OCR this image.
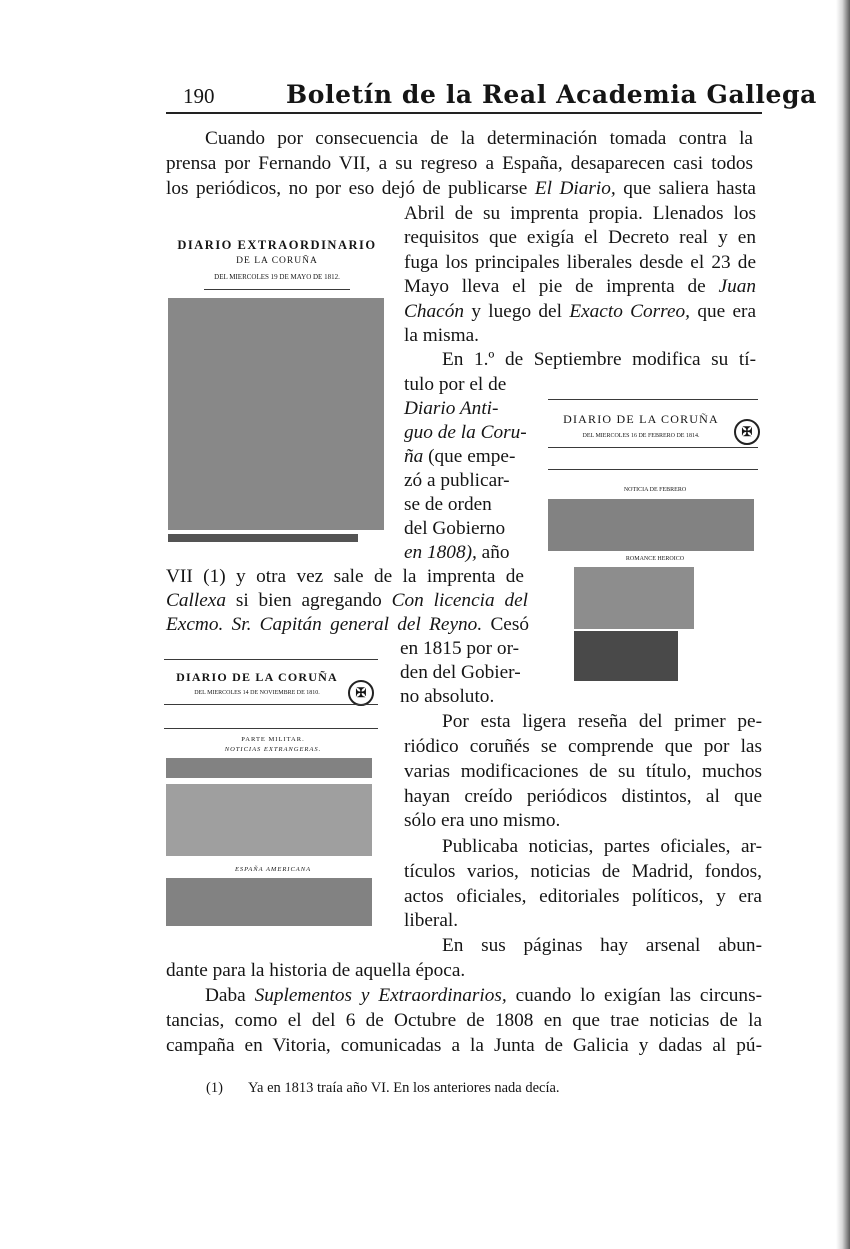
190	Boletín de la Real Academia Gallega
Cuando por consecuencia de la determinación tomada contra la
prensa por Fernando VII, a su regreso a España, desaparecen casi todos
los periódicos, no por eso dejó de publicarse El Diario, que saliera hasta
Abril de su imprenta propia. Llenados los
requisitos que exigía el Decreto real y en
fuga los principales liberales desde el 23 de
Mayo lleva el pie de imprenta de Juan
Chacón y luego del Exacto Correo, que era
la misma.
En 1.º de Septiembre modifica su tí-
tulo por el de
Diario Anti-
guo de la Coru-
ña (que empe-
zó a publicar-
se de orden
del Gobierno
en 1808), año
VII (1) y otra vez sale de la imprenta de
Callexa si bien agregando Con licencia del
Excmo. Sr. Capitán general del Reyno. Cesó
en 1815 por or-
den del Gobier-
no absoluto.
Por esta ligera reseña del primer pe-
riódico coruñés se comprende que por las
varias modificaciones de su título, muchos
hayan creído periódicos distintos, al que
sólo era uno mismo.
Publicaba noticias, partes oficiales, ar-
tículos varios, noticias de Madrid, fondos,
actos oficiales, editoriales políticos, y era
liberal.
En sus páginas hay arsenal abun-
dante para la historia de aquella época.
Daba Suplementos y Extraordinarios, cuando lo exigían las circuns-
tancias, como el del 6 de Octubre de 1808 en que trae noticias de la
campaña en Vitoria, comunicadas a la Junta de Galicia y dadas al pú-
(1) Ya en 1813 traía año VI. En los anteriores nada decía.
DIARIO EXTRAORDINARIO
DE LA CORUÑA
DEL MIERCOLES 19 DE MAYO DE 1812.
DIARIO DE LA CORUÑA
✠
DEL MIERCOLES 16 DE FEBRERO DE 1814.
NOTICIA DE FEBRERO
ROMANCE HEROICO
DIARIO DE LA CORUÑA
✠
DEL MIERCOLES 14 DE NOVIEMBRE DE 1810.
PARTE MILITAR.
NOTICIAS EXTRANGERAS.
ESPAÑA AMERICANA
